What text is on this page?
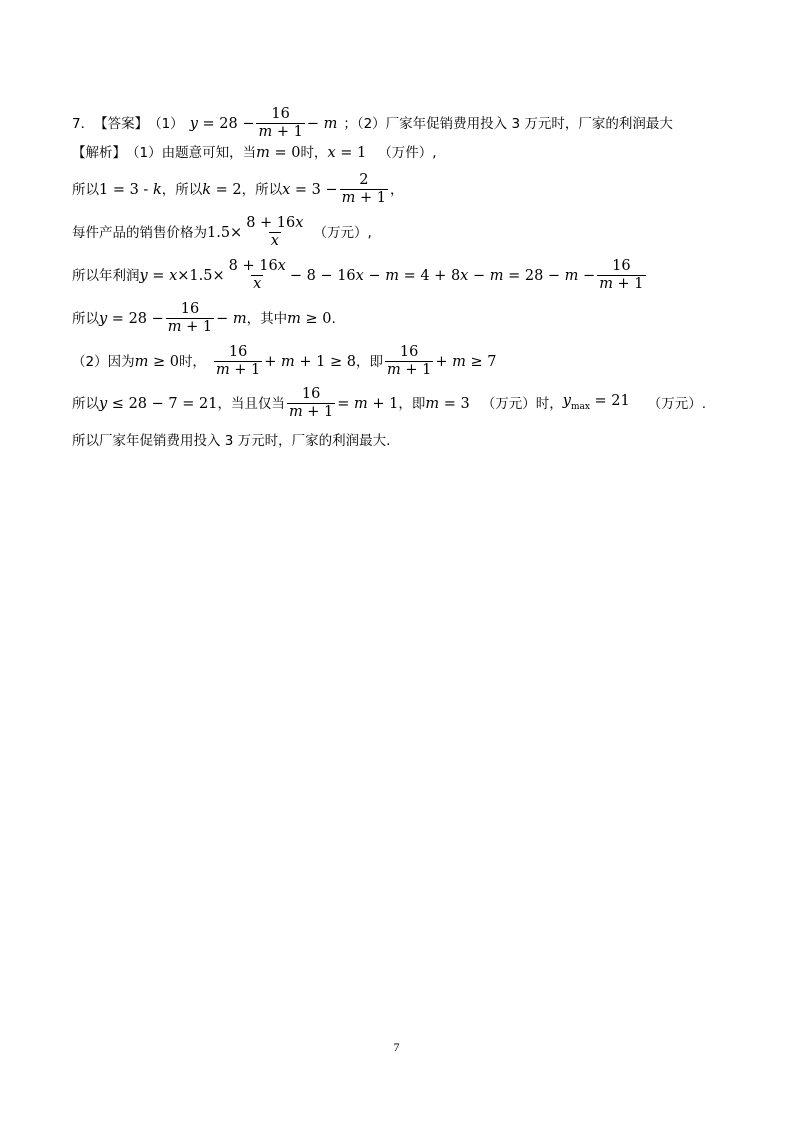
7． 【答案】 （1） $y = 28 - \frac{16}{m + 1} - m$ ；（2）厂家年促销费用投入 3 万元时，厂家的利润最大
【解析】 （1）由题意可知，当 m = 0 时， x = 1 （万件）,
所以 1 = 3 - k ，所以 k = 2 ，所以 $x = 3 - \frac{2}{m + 1}$ ，
每件产品的销售价格为 $1.5\times \frac{8 + 16x}{x}$ （万元）,
所以年利润 $y = x\times 1.5\times \frac{8 + 16x}{x} - 8 - 16x - m = 4 + 8x - m = 28 - m - \frac{16}{m + 1}$
所以 $y = 28 - \frac{16}{m + 1} - m$ ，其中 m ≥ 0 .
（2）因为 m ≥ 0 时， $\frac{16}{m + 1} + m + 1 \ge 8$ ，即 $\frac{16}{m + 1} + m \ge 7$
所以 y ≤ 28 − 7 = 21 ，当且仅当 $\frac{16}{m + 1} = m + 1$ ，即 m = 3 （万元）时， $y_{max} = 21$ （万元）.
所以厂家年促销费用投入 3 万元时，厂家的利润最大.
7
